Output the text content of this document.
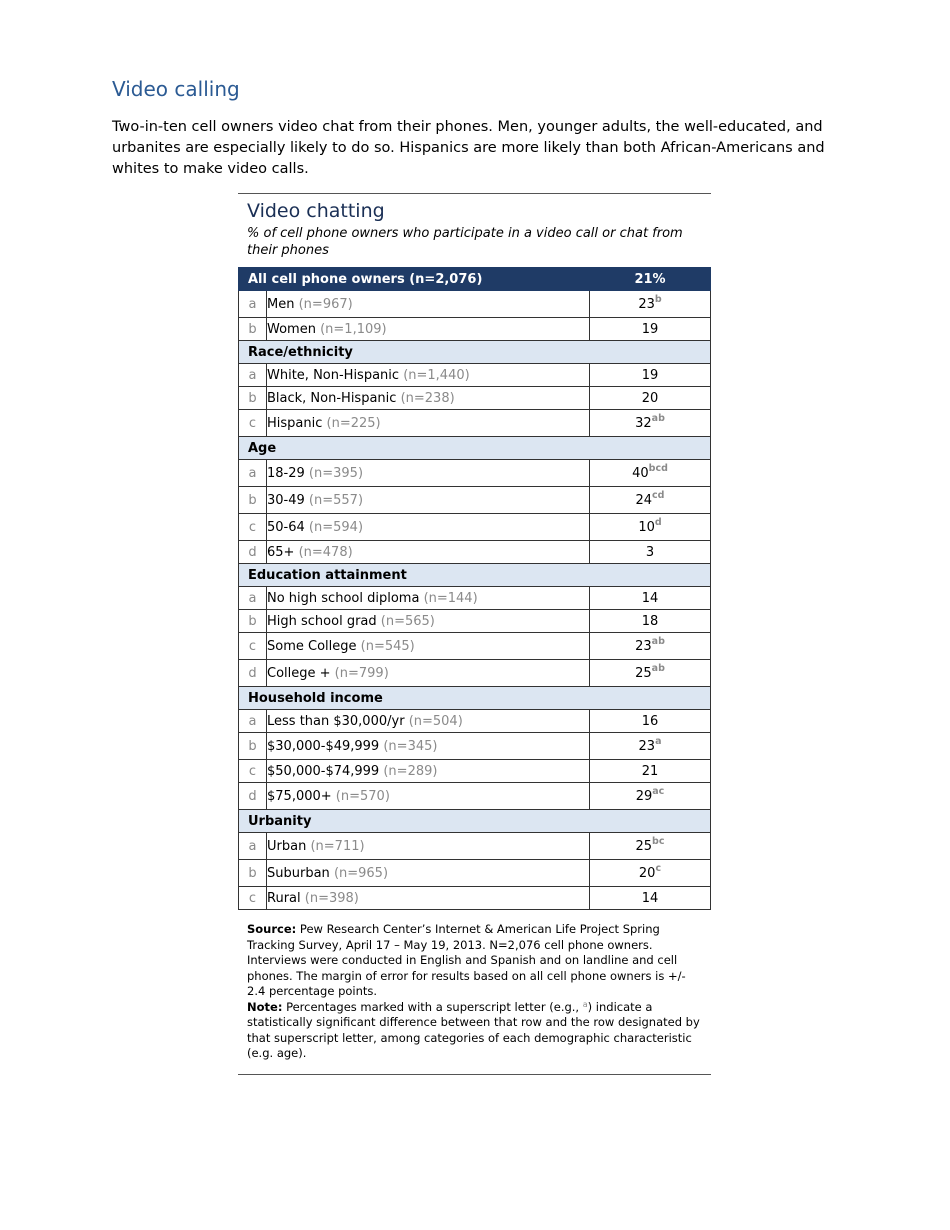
Video calling
Two-in-ten cell owners video chat from their phones. Men, younger adults, the well-educated, and urbanites are especially likely to do so. Hispanics are more likely than both African-Americans and whites to make video calls.
Video chatting
% of cell phone owners who participate in a video call or chat from their phones
All cell phone owners (n=2,076)		21%
a	Men (n=967)	23$^b$
b	Women (n=1,109)	19
Race/ethnicity		
a	White, Non-Hispanic (n=1,440)	19
b	Black, Non-Hispanic (n=238)	20
c	Hispanic (n=225)	$32^{ab}$
Age		
a	18-29 (n=395)	$40^{bcd}$
b	30-49 (n=557)	$24^{cd}$
c	50-64 (n=594)	10$^d$
d	65+ (n=478)	3
Education attainment		
a	No high school diploma (n=144)	14
b	High school grad (n=565)	18
c	Some College (n=545)	$23^{ab}$
d	College + (n=799)	$25^{ab}$
Household income		
a	Less than $30,000/yr (n=504)	16
b	$30,000-$49,999 (n=345)	23$^a$
c	$50,000-$74,999 (n=289)	21
d	$75,000+ (n=570)	$29^{ac}$
Urbanity		
a	Urban (n=711)	$25^{bc}$
b	Suburban (n=965)	20$^c$
c	Rural (n=398)	14
Source: Pew Research Center’s Internet & American Life Project Spring Tracking Survey, April 17 – May 19, 2013. N=2,076 cell phone owners. Interviews were conducted in English and Spanish and on landline and cell phones. The margin of error for results based on all cell phone owners is +/- 2.4 percentage points.
Note: Percentages marked with a superscript letter (e.g., $^a$) indicate a statistically significant difference between that row and the row designated by that superscript letter, among categories of each demographic characteristic (e.g. age).
